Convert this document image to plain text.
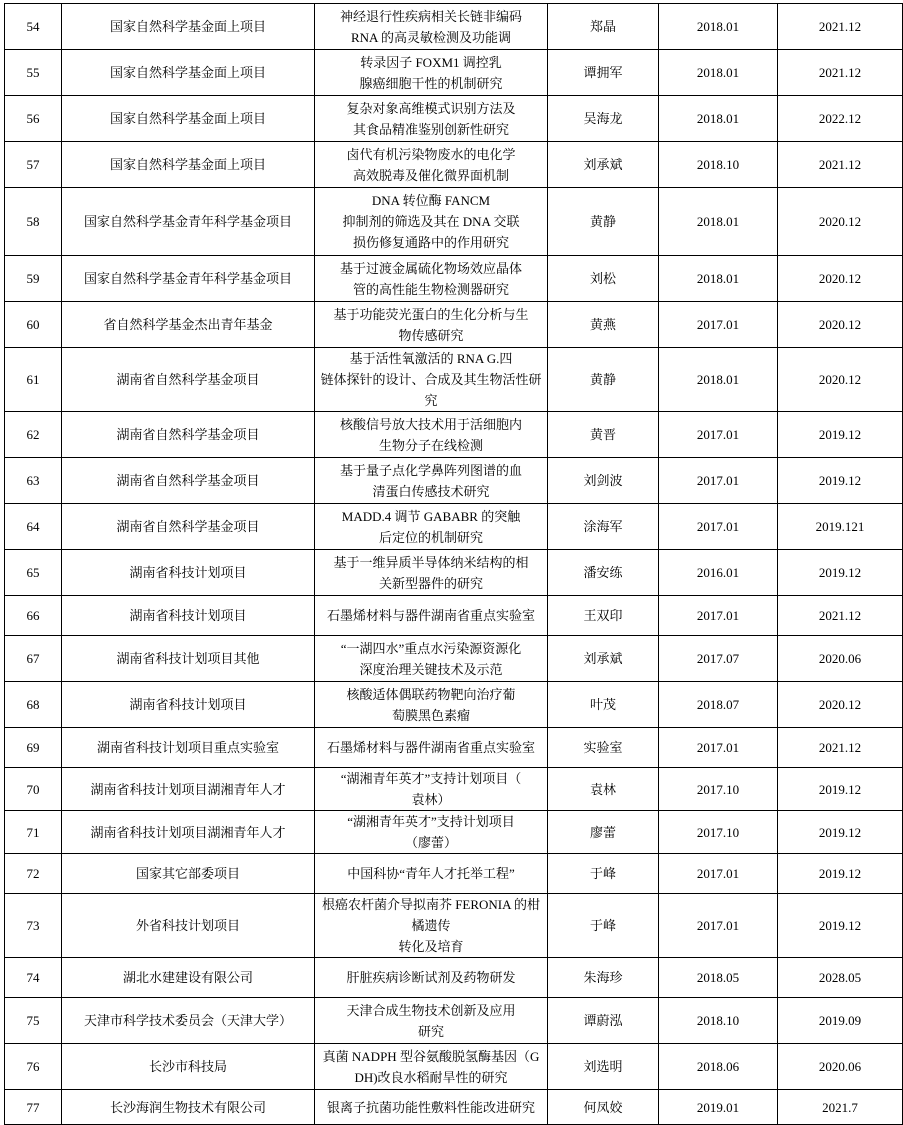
54	国家自然科学基金面上项目	神经退行性疾病相关长链非编码
RNA 的高灵敏检测及功能调	郑晶	2018.01	2021.12
55	国家自然科学基金面上项目	转录因子 FOXM1 调控乳
腺癌细胞干性的机制研究	谭拥军	2018.01	2021.12
56	国家自然科学基金面上项目	复杂对象高维模式识别方法及
其食品精准鉴别创新性研究	吴海龙	2018.01	2022.12
57	国家自然科学基金面上项目	卤代有机污染物废水的电化学
高效脱毒及催化微界面机制	刘承斌	2018.10	2021.12
58	国家自然科学基金青年科学基金项目	DNA 转位酶 FANCM
抑制剂的筛选及其在 DNA 交联
损伤修复通路中的作用研究	黄静	2018.01	2020.12
59	国家自然科学基金青年科学基金项目	基于过渡金属硫化物场效应晶体
管的高性能生物检测器研究	刘松	2018.01	2020.12
60	省自然科学基金杰出青年基金	基于功能荧光蛋白的生化分析与生
物传感研究	黄燕	2017.01	2020.12
61	湖南省自然科学基金项目	基于活性氧激活的 RNA G.四
链体探针的设计、合成及其生物活性研究	黄静	2018.01	2020.12
62	湖南省自然科学基金项目	核酸信号放大技术用于活细胞内
生物分子在线检测	黄晋	2017.01	2019.12
63	湖南省自然科学基金项目	基于量子点化学鼻阵列图谱的血
清蛋白传感技术研究	刘剑波	2017.01	2019.12
64	湖南省自然科学基金项目	MADD.4 调节 GABABR 的突触
后定位的机制研究	涂海军	2017.01	2019.121
65	湖南省科技计划项目	基于一维异质半导体纳米结构的相
关新型器件的研究	潘安练	2016.01	2019.12
66	湖南省科技计划项目	石墨烯材料与器件湖南省重点实验室	王双印	2017.01	2021.12
67	湖南省科技计划项目其他	“一湖四水”重点水污染源资源化
深度治理关键技术及示范	刘承斌	2017.07	2020.06
68	湖南省科技计划项目	核酸适体偶联药物靶向治疗葡
萄膜黑色素瘤	叶茂	2018.07	2020.12
69	湖南省科技计划项目重点实验室	石墨烯材料与器件湖南省重点实验室	实验室	2017.01	2021.12
70	湖南省科技计划项目湖湘青年人才	“湖湘青年英才”支持计划项目（
袁林）	袁林	2017.10	2019.12
71	湖南省科技计划项目湖湘青年人才	“湖湘青年英才”支持计划项目
（廖蕾）	廖蕾	2017.10	2019.12
72	国家其它部委项目	中国科协“青年人才托举工程”	于峰	2017.01	2019.12
73	外省科技计划项目	根癌农杆菌介导拟南芥 FERONIA 的柑橘遗传
转化及培育	于峰	2017.01	2019.12
74	湖北水建建设有限公司	肝脏疾病诊断试剂及药物研发	朱海珍	2018.05	2028.05
75	天津市科学技术委员会（天津大学）	天津合成生物技术创新及应用
研究	谭蔚泓	2018.10	2019.09
76	长沙市科技局	真菌 NADPH 型谷氨酸脱氢酶基因（G
DH)改良水稻耐旱性的研究	刘选明	2018.06	2020.06
77	长沙海润生物技术有限公司	银离子抗菌功能性敷料性能改进研究	何凤姣	2019.01	2021.7
